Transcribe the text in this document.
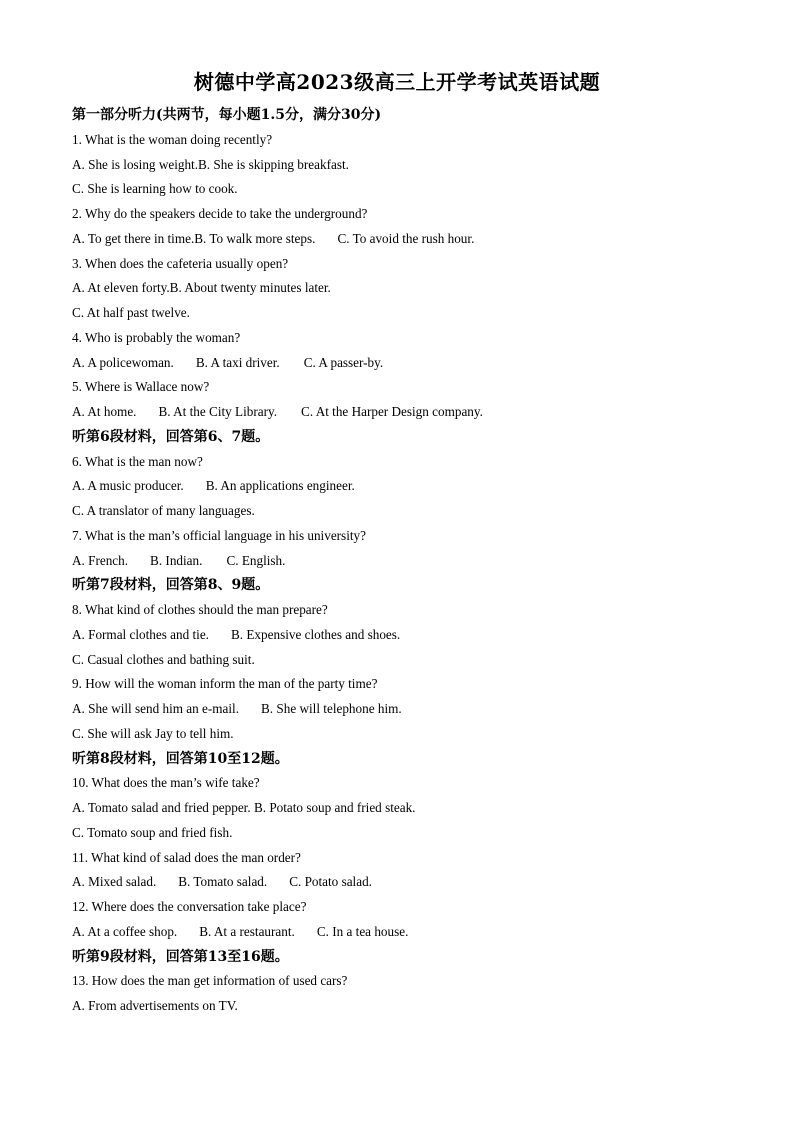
树德中学高2023级高三上开学考试英语试题
第一部分听力(共两节，每小题1.5分，满分30分)
1. What is the woman doing recently?
A. She is losing weight.B. She is skipping breakfast.
C. She is learning how to cook.
2. Why do the speakers decide to take the underground?
A. To get there in time.B. To walk more steps. C. To avoid the rush hour.
3. When does the cafeteria usually open?
A. At eleven forty.B. About twenty minutes later.
C. At half past twelve.
4. Who is probably the woman?
A. A policewoman. B. A taxi driver. C. A passer-by.
5. Where is Wallace now?
A. At home. B. At the City Library. C. At the Harper Design company.
听第6段材料，回答第6、7题。
6. What is the man now?
A. A music producer. B. An applications engineer.
C. A translator of many languages.
7. What is the man’s official language in his university?
A. French. B. Indian. C. English.
听第7段材料，回答第8、9题。
8. What kind of clothes should the man prepare?
A. Formal clothes and tie. B. Expensive clothes and shoes.
C. Casual clothes and bathing suit.
9. How will the woman inform the man of the party time?
A. She will send him an e-mail. B. She will telephone him.
C. She will ask Jay to tell him.
听第8段材料，回答第10至12题。
10. What does the man’s wife take?
A. Tomato salad and fried pepper. B. Potato soup and fried steak.
C. Tomato soup and fried fish.
11. What kind of salad does the man order?
A. Mixed salad. B. Tomato salad. C. Potato salad.
12. Where does the conversation take place?
A. At a coffee shop. B. At a restaurant. C. In a tea house.
听第9段材料，回答第13至16题。
13. How does the man get information of used cars?
A. From advertisements on TV.
